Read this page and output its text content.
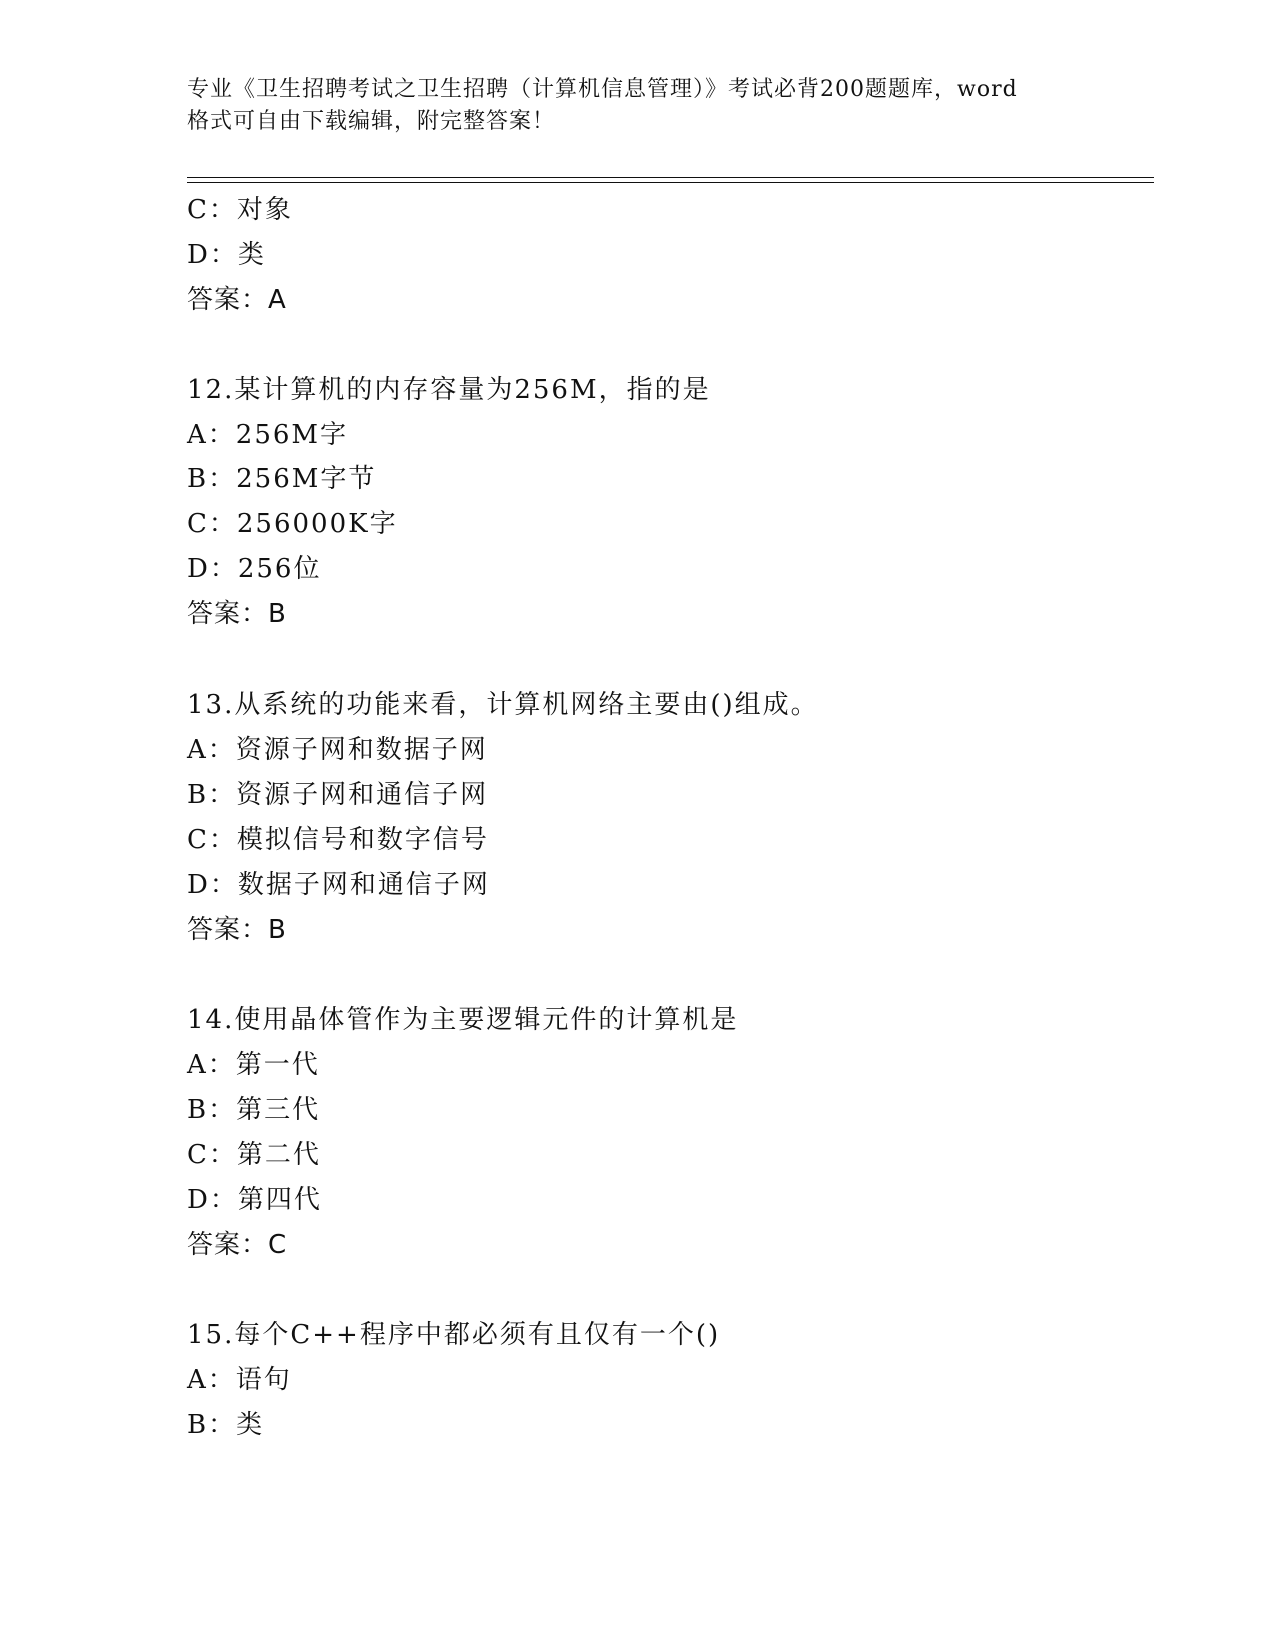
专业《卫生招聘考试之卫生招聘（计算机信息管理）》考试必背200题题库，word
格式可自由下载编辑，附完整答案！
C：对象
D：类
答案：A
12.某计算机的内存容量为256M，指的是
A：256M字
B：256M字节
C：256000K字
D：256位
答案：B
13.从系统的功能来看，计算机网络主要由()组成。
A：资源子网和数据子网
B：资源子网和通信子网
C：模拟信号和数字信号
D：数据子网和通信子网
答案：B
14.使用晶体管作为主要逻辑元件的计算机是
A：第一代
B：第三代
C：第二代
D：第四代
答案：C
15.每个C++程序中都必须有且仅有一个()
A：语句
B：类
